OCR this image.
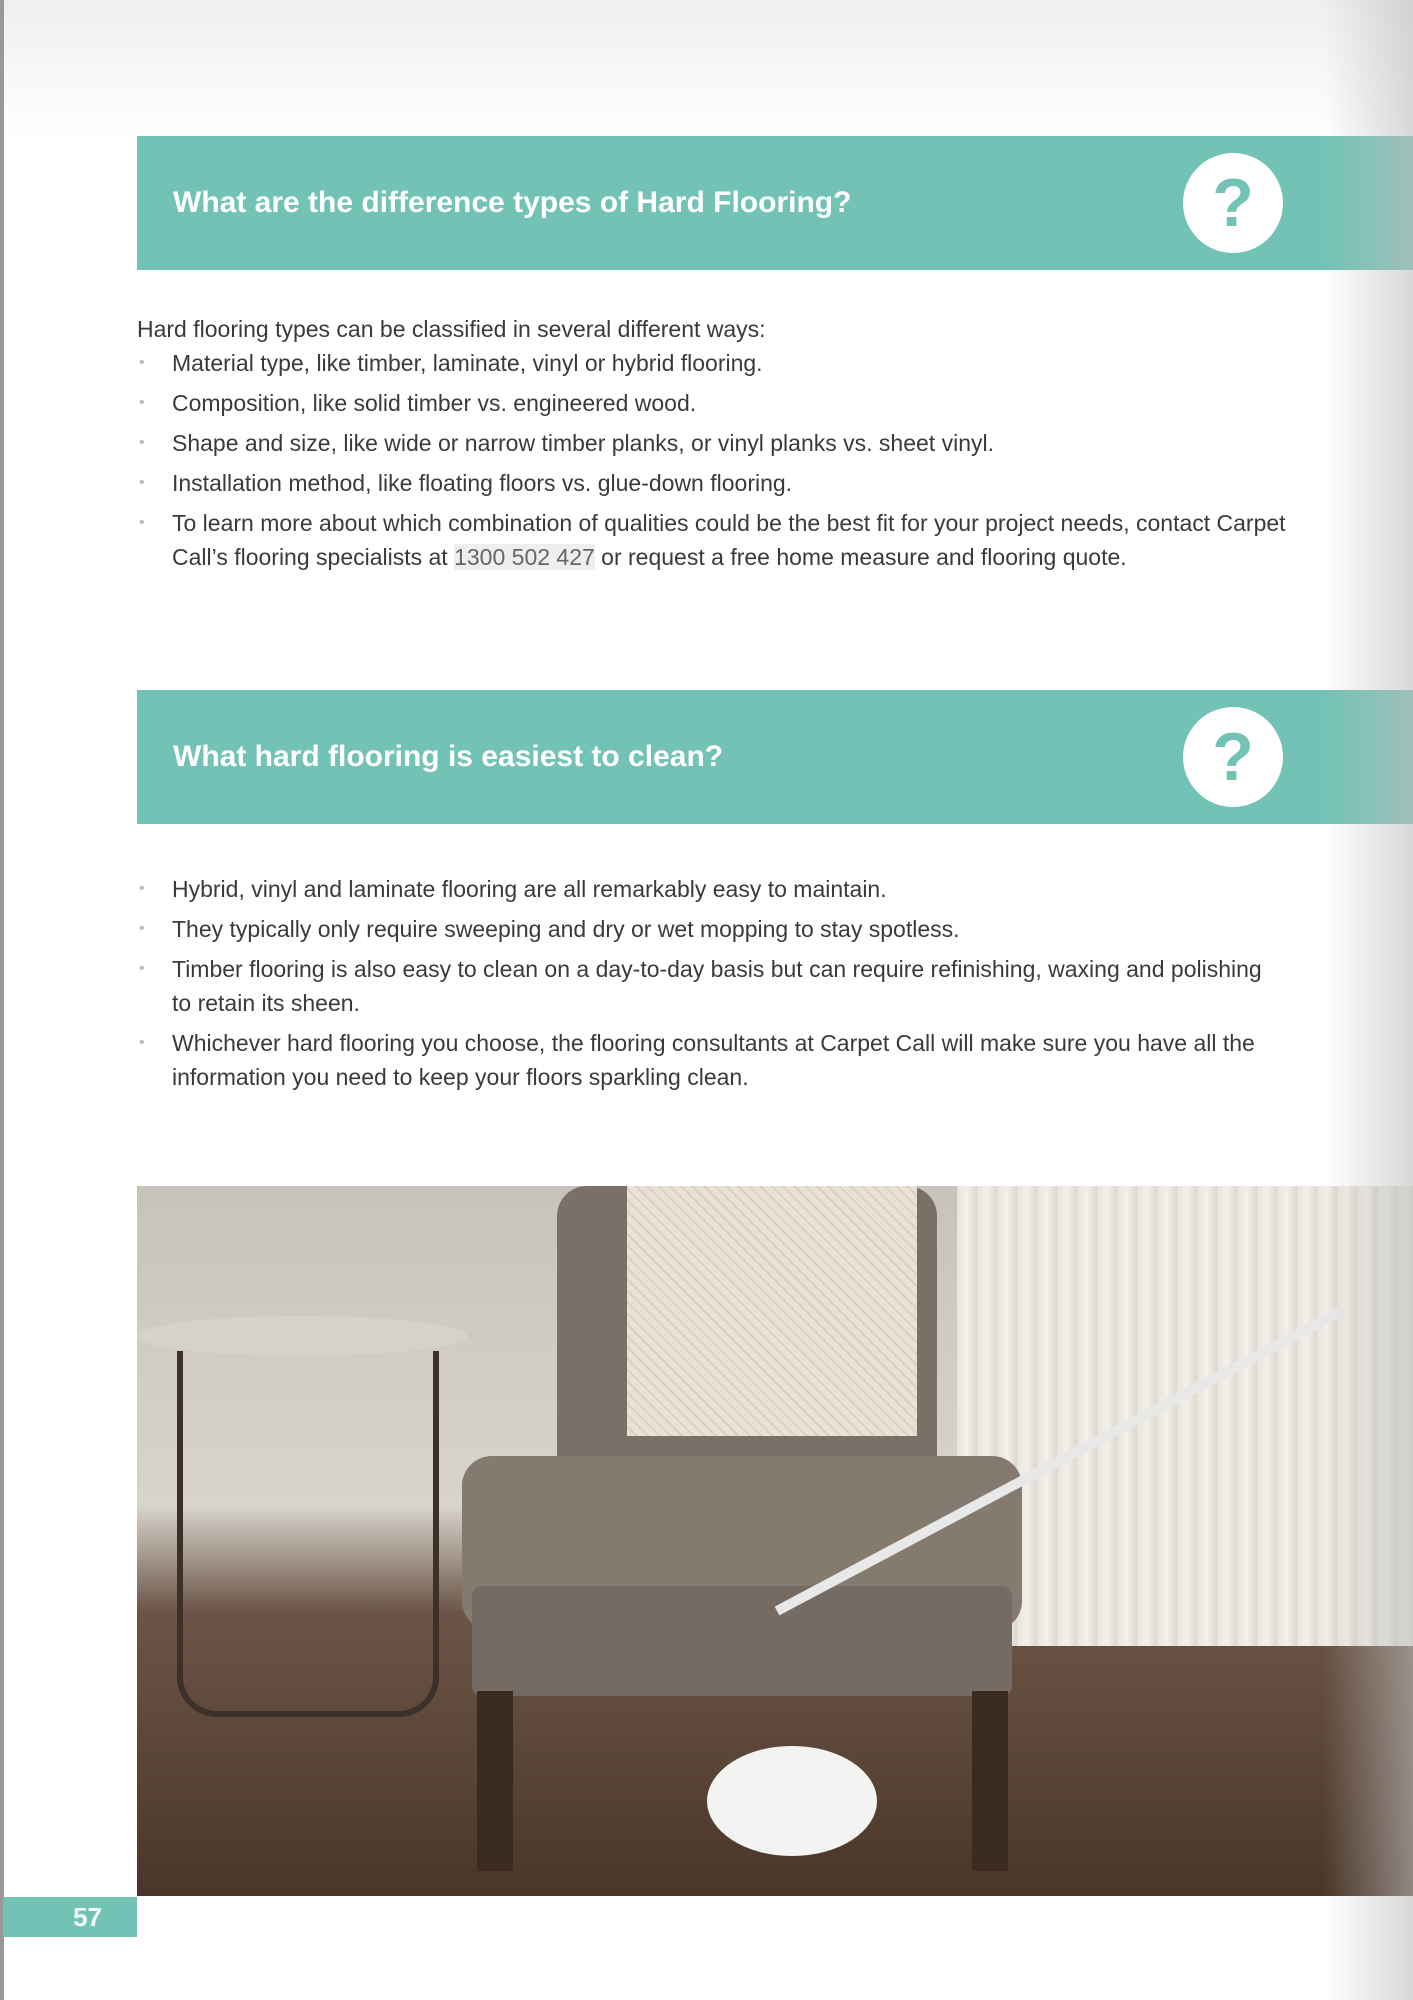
What are the difference types of Hard Flooring?	?

Hard flooring types can be classified in several different ways:

• Material type, like timber, laminate, vinyl or hybrid flooring.
• Composition, like solid timber vs. engineered wood.
• Shape and size, like wide or narrow timber planks, or vinyl planks vs. sheet vinyl.
• Installation method, like floating floors vs. glue-down flooring.
• To learn more about which combination of qualities could be the best fit for your project needs, contact Carpet Call’s flooring specialists at 1300 502 427 or request a free home measure and flooring quote.
What hard flooring is easiest to clean?	?
• Hybrid, vinyl and laminate flooring are all remarkably easy to maintain.
• They typically only require sweeping and dry or wet mopping to stay spotless.
• Timber flooring is also easy to clean on a day-to-day basis but can require refinishing, waxing and polishing to retain its sheen.
• Whichever hard flooring you choose, the flooring consultants at Carpet Call will make sure you have all the information you need to keep your floors sparkling clean.
57
